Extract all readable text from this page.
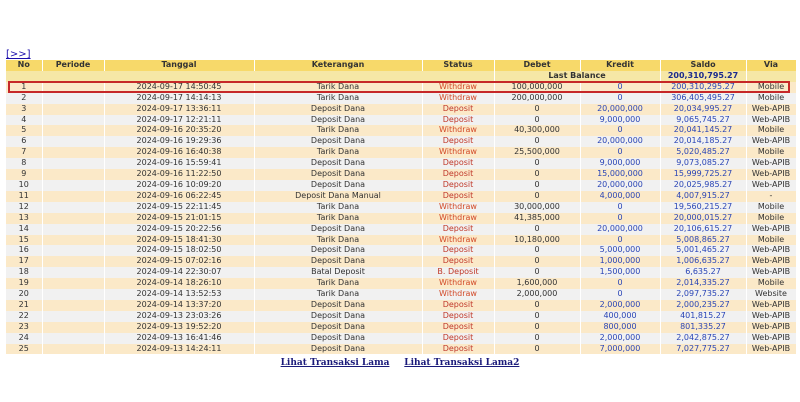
[>>]
No	Periode	Tanggal	Keterangan	Status	Debet	Kredit	Saldo	Via
					Last Balance		200,310,795.27	
1		2024-09-17 14:50:45	Tarik Dana	Withdraw	100,000,000	0	200,310,295.27	Mobile
2		2024-09-17 14:14:13	Tarik Dana	Withdraw	200,000,000	0	306,405,495.27	Mobile
3		2024-09-17 13:36:11	Deposit Dana	Deposit	0	20,000,000	20,034,995.27	Web-APIB
4		2024-09-17 12:21:11	Deposit Dana	Deposit	0	9,000,000	9,065,745.27	Web-APIB
5		2024-09-16 20:35:20	Tarik Dana	Withdraw	40,300,000	0	20,041,145.27	Mobile
6		2024-09-16 19:29:36	Deposit Dana	Deposit	0	20,000,000	20,014,185.27	Web-APIB
7		2024-09-16 16:40:38	Tarik Dana	Withdraw	25,500,000	0	5,020,485.27	Mobile
8		2024-09-16 15:59:41	Deposit Dana	Deposit	0	9,000,000	9,073,085.27	Web-APIB
9		2024-09-16 11:22:50	Deposit Dana	Deposit	0	15,000,000	15,999,725.27	Web-APIB
10		2024-09-16 10:09:20	Deposit Dana	Deposit	0	20,000,000	20,025,985.27	Web-APIB
11		2024-09-16 06:22:45	Deposit Dana Manual	Deposit	0	4,000,000	4,007,915.27	-
12		2024-09-15 22:11:45	Tarik Dana	Withdraw	30,000,000	0	19,560,215.27	Mobile
13		2024-09-15 21:01:15	Tarik Dana	Withdraw	41,385,000	0	20,000,015.27	Mobile
14		2024-09-15 20:22:56	Deposit Dana	Deposit	0	20,000,000	20,106,615.27	Web-APIB
15		2024-09-15 18:41:30	Tarik Dana	Withdraw	10,180,000	0	5,008,865.27	Mobile
16		2024-09-15 18:02:50	Deposit Dana	Deposit	0	5,000,000	5,001,465.27	Web-APIB
17		2024-09-15 07:02:16	Deposit Dana	Deposit	0	1,000,000	1,006,635.27	Web-APIB
18		2024-09-14 22:30:07	Batal Deposit	B. Deposit	0	1,500,000	6,635.27	Web-APIB
19		2024-09-14 18:26:10	Tarik Dana	Withdraw	1,600,000	0	2,014,335.27	Mobile
20		2024-09-14 13:52:53	Tarik Dana	Withdraw	2,000,000	0	2,097,735.27	Website
21		2024-09-14 13:37:20	Deposit Dana	Deposit	0	2,000,000	2,000,235.27	Web-APIB
22		2024-09-13 23:03:26	Deposit Dana	Deposit	0	400,000	401,815.27	Web-APIB
23		2024-09-13 19:52:20	Deposit Dana	Deposit	0	800,000	801,335.27	Web-APIB
24		2024-09-13 16:41:46	Deposit Dana	Deposit	0	2,000,000	2,042,875.27	Web-APIB
25		2024-09-13 14:24:11	Deposit Dana	Deposit	0	7,000,000	7,027,775.27	Web-APIB
Lihat Transaksi Lama Lihat Transaksi Lama2
